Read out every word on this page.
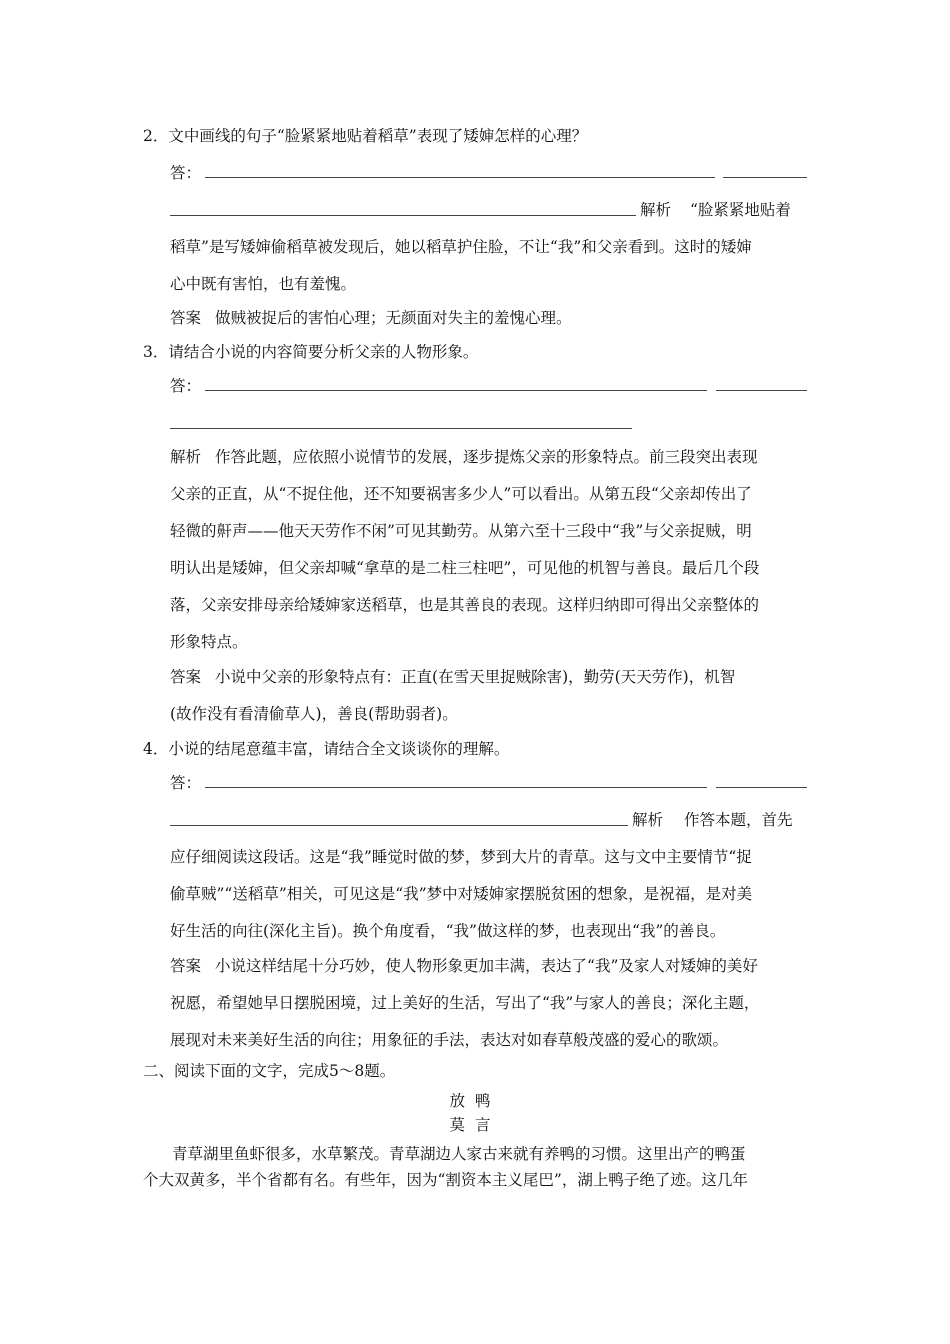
2．文中画线的句子“脸紧紧地贴着稻草”表现了矮婶怎样的心理？
答：
解析 “脸紧紧地贴着
稻草”是写矮婶偷稻草被发现后，她以稻草护住脸，不让“我”和父亲看到。这时的矮婶
心中既有害怕，也有羞愧。
答案 做贼被捉后的害怕心理；无颜面对失主的羞愧心理。
3．请结合小说的内容简要分析父亲的人物形象。
答：
解析 作答此题，应依照小说情节的发展，逐步提炼父亲的形象特点。前三段突出表现
父亲的正直，从“不捉住他，还不知要祸害多少人”可以看出。从第五段“父亲却传出了
轻微的鼾声——他天天劳作不闲”可见其勤劳。从第六至十三段中“我”与父亲捉贼，明
明认出是矮婶，但父亲却喊“拿草的是二柱三柱吧”，可见他的机智与善良。最后几个段
落，父亲安排母亲给矮婶家送稻草，也是其善良的表现。这样归纳即可得出父亲整体的
形象特点。
答案 小说中父亲的形象特点有：正直(在雪天里捉贼除害)，勤劳(天天劳作)，机智
(故作没有看清偷草人)，善良(帮助弱者)。
4．小说的结尾意蕴丰富，请结合全文谈谈你的理解。
答：
解析 作答本题，首先
应仔细阅读这段话。这是“我”睡觉时做的梦，梦到大片的青草。这与文中主要情节“捉
偷草贼”“送稻草”相关，可见这是“我”梦中对矮婶家摆脱贫困的想象，是祝福，是对美
好生活的向往(深化主旨)。换个角度看，“我”做这样的梦，也表现出“我”的善良。
答案 小说这样结尾十分巧妙，使人物形象更加丰满，表达了“我”及家人对矮婶的美好
祝愿，希望她早日摆脱困境，过上美好的生活，写出了“我”与家人的善良；深化主题，
展现对未来美好生活的向往；用象征的手法，表达对如春草般茂盛的爱心的歌颂。
二、阅读下面的文字，完成5～8题。
放鸭
莫言
青草湖里鱼虾很多，水草繁茂。青草湖边人家古来就有养鸭的习惯。这里出产的鸭蛋
个大双黄多，半个省都有名。有些年，因为“割资本主义尾巴”，湖上鸭子绝了迹。这几年
